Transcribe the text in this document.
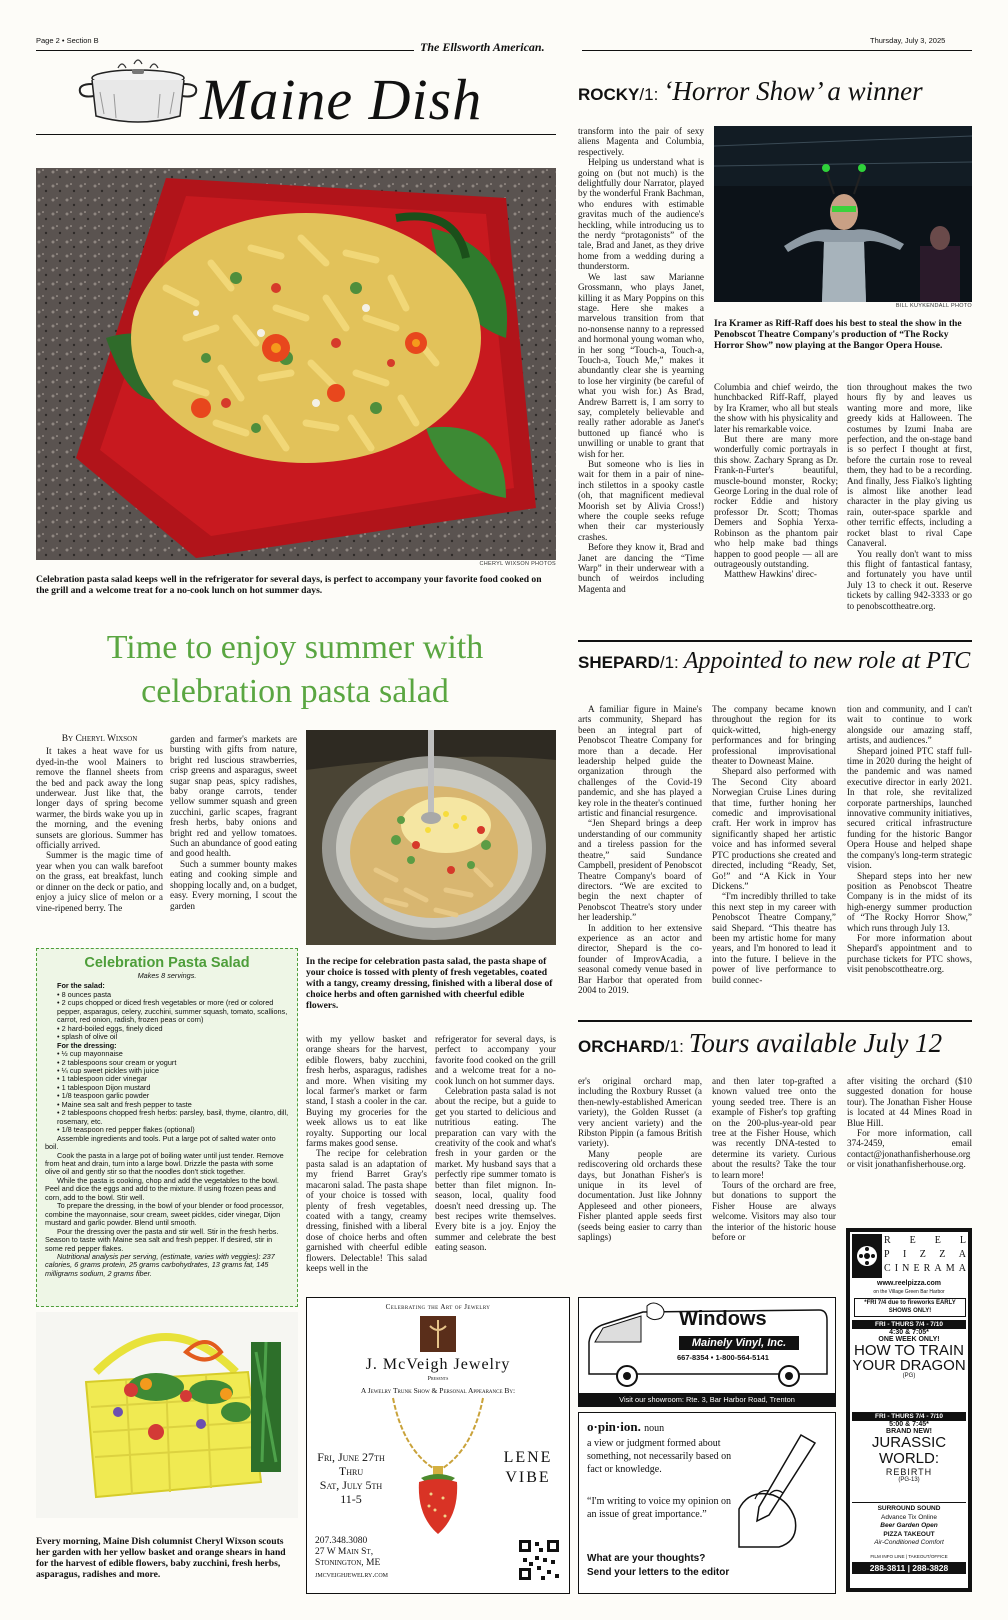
Page 2 • Section B	The Ellsworth American.	Thursday, July 3, 2025
Maine Dish
CHERYL WIXSON PHOTOS
Celebration pasta salad keeps well in the refrigerator for several days, is perfect to accompany your favorite food cooked on the grill and a welcome treat for a no-cook lunch on hot summer days.
Time to enjoy summer with celebration pasta salad

By Cheryl Wixson

It takes a heat wave for us dyed-in-the wool Mainers to remove the flannel sheets from the bed and pack away the long underwear. Just like that, the longer days of spring become warmer, the birds wake you up in the morning, and the evening sunsets are glorious. Summer has officially arrived.

Summer is the magic time of year when you can walk barefoot on the grass, eat breakfast, lunch or dinner on the deck or patio, and enjoy a juicy slice of melon or a vine-ripened berry. The

garden and farmer's markets are bursting with gifts from nature, bright red luscious strawberries, crisp greens and asparagus, sweet sugar snap peas, spicy radishes, baby orange carrots, tender yellow summer squash and green zucchini, garlic scapes, fragrant fresh herbs, baby onions and bright red and yellow tomatoes. Such an abundance of good eating and good health.

Such a summer bounty makes eating and cooking simple and shopping locally and, on a budget, easy. Every morning, I scout the garden

In the recipe for celebration pasta salad, the pasta shape of your choice is tossed with plenty of fresh vegetables, coated with a tangy, creamy dressing, finished with a liberal dose of choice herbs and often garnished with cheerful edible flowers.
Celebration Pasta Salad
Makes 8 servings.
For the salad:
• 8 ounces pasta
• 2 cups chopped or diced fresh vegetables or more (red or colored pepper, asparagus, celery, zucchini, summer squash, tomato, scallions, carrot, red onion, radish, frozen peas or corn)
• 2 hard-boiled eggs, finely diced
• splash of olive oil
For the dressing:
• ½ cup mayonnaise
• 2 tablespoons sour cream or yogurt
• ¼ cup sweet pickles with juice
• 1 tablespoon cider vinegar
• 1 tablespoon Dijon mustard
• 1/8 teaspoon garlic powder
• Maine sea salt and fresh pepper to taste
• 2 tablespoons chopped fresh herbs: parsley, basil, thyme, cilantro, dill, rosemary, etc.
• 1/8 teaspoon red pepper flakes (optional)
Assemble ingredients and tools. Put a large pot of salted water onto boil.
Cook the pasta in a large pot of boiling water until just tender. Remove from heat and drain, turn into a large bowl. Drizzle the pasta with some olive oil and gently stir so that the noodles don't stick together.
While the pasta is cooking, chop and add the vegetables to the bowl. Peel and dice the eggs and add to the mixture. If using frozen peas and corn, add to the bowl. Stir well.
To prepare the dressing, in the bowl of your blender or food processor, combine the mayonnaise, sour cream, sweet pickles, cider vinegar, Dijon mustard and garlic powder. Blend until smooth.
Pour the dressing over the pasta and stir well. Stir in the fresh herbs. Season to taste with Maine sea salt and fresh pepper. If desired, stir in some red pepper flakes.
Nutritional analysis per serving, (estimate, varies with veggies): 237 calories, 6 grams protein, 25 grams carbohydrates, 13 grams fat, 145 milligrams sodium, 2 grams fiber.

with my yellow basket and orange shears for the harvest, edible flowers, baby zucchini, fresh herbs, asparagus, radishes and more. When visiting my local farmer's market or farm stand, I stash a cooler in the car. Buying my groceries for the week allows us to eat like royalty. Supporting our local farms makes good sense.

The recipe for celebration pasta salad is an adaptation of my friend Barret Gray's macaroni salad. The pasta shape of your choice is tossed with plenty of fresh vegetables, coated with a tangy, creamy dressing, finished with a liberal dose of choice herbs and often garnished with cheerful edible flowers. Delectable! This salad keeps well in the

refrigerator for several days, is perfect to accompany your favorite food cooked on the grill and a welcome treat for a no-cook lunch on hot summer days.

Celebration pasta salad is not about the recipe, but a guide to get you started to delicious and nutritious eating. The preparation can vary with the creativity of the cook and what's fresh in your garden or the market. My husband says that a perfectly ripe summer tomato is better than filet mignon. In-season, local, quality food doesn't need dressing up. The best recipes write themselves. Every bite is a joy. Enjoy the summer and celebrate the best eating season.

Every morning, Maine Dish columnist Cheryl Wixson scouts her garden with her yellow basket and orange shears in hand for the harvest of edible flowers, baby zucchini, fresh herbs, asparagus, radishes and more.
Celebrating the Art of Jewelry
J. McVeigh Jewelry
Presents
A Jewelry Trunk Show & Personal Appearance By:
Fri, June 27th
Thru
Sat, July 5th
11-5
LENE
VIBE
207.348.3080
27 W Main St,
Stonington, ME
jmcveighjewelry.com
ROCKY/1: ‘Horror Show’ a winner

transform into the pair of sexy aliens Magenta and Columbia, respectively.

Helping us understand what is going on (but not much) is the delightfully dour Narrator, played by the wonderful Frank Bachman, who endures with estimable gravitas much of the audience's heckling, while introducing us to the nerdy “protagonists” of the tale, Brad and Janet, as they drive home from a wedding during a thunderstorm.

We last saw Marianne Grossmann, who plays Janet, killing it as Mary Poppins on this stage. Here she makes a marvelous transition from that no-nonsense nanny to a repressed and hormonal young woman who, in her song “Touch-a, Touch-a, Touch-a, Touch Me,” makes it abundantly clear she is yearning to lose her virginity (be careful of what you wish for.) As Brad, Andrew Barrett is, I am sorry to say, completely believable and really rather adorable as Janet's buttoned up fiancé who is unwilling or unable to grant that wish for her.

But someone who is lies in wait for them in a pair of nine-inch stilettos in a spooky castle (oh, that magnificent medieval Moorish set by Alivia Cross!) where the couple seeks refuge when their car mysteriously crashes.

Before they know it, Brad and Janet are dancing the “Time Warp” in their underwear with a bunch of weirdos including Magenta and

BILL KUYKENDALL PHOTO
Ira Kramer as Riff-Raff does his best to steal the show in the Penobscot Theatre Company's production of “The Rocky Horror Show” now playing at the Bangor Opera House.

Columbia and chief weirdo, the hunchbacked Riff-Raff, played by Ira Kramer, who all but steals the show with his physicality and later his remarkable voice.

But there are many more wonderfully comic portrayals in this show. Zachary Sprang as Dr. Frank-n-Furter's beautiful, muscle-bound monster, Rocky; George Loring in the dual role of rocker Eddie and history professor Dr. Scott; Thomas Demers and Sophia Yerxa-Robinson as the phantom pair who help make bad things happen to good people — all are outrageously outstanding.

Matthew Hawkins' direc-

tion throughout makes the two hours fly by and leaves us wanting more and more, like greedy kids at Halloween. The costumes by Izumi Inaba are perfection, and the on-stage band is so perfect I thought at first, before the curtain rose to reveal them, they had to be a recording. And finally, Jess Fialko's lighting is almost like another lead character in the play giving us rain, outer-space sparkle and other terrific effects, including a rocket blast to rival Cape Canaveral.

You really don't want to miss this flight of fantastical fantasy, and fortunately you have until July 13 to check it out. Reserve tickets by calling 942-3333 or go to penobscottheatre.org.

SHEPARD/1: Appointed to new role at PTC

A familiar figure in Maine's arts community, Shepard has been an integral part of Penobscot Theatre Company for more than a decade. Her leadership helped guide the organization through the challenges of the Covid-19 pandemic, and she has played a key role in the theater's continued artistic and financial resurgence.

“Jen Shepard brings a deep understanding of our community and a tireless passion for the theatre,” said Sundance Campbell, president of Penobscot Theatre Company's board of directors. “We are excited to begin the next chapter of Penobscot Theatre's story under her leadership.”

In addition to her extensive experience as an actor and director, Shepard is the co-founder of ImprovAcadia, a seasonal comedy venue based in Bar Harbor that operated from 2004 to 2019.

The company became known throughout the region for its quick-witted, high-energy performances and for bringing professional improvisational theater to Downeast Maine.

Shepard also performed with The Second City aboard Norwegian Cruise Lines during that time, further honing her comedic and improvisational craft. Her work in improv has significantly shaped her artistic voice and has informed several PTC productions she created and directed, including “Ready, Set, Go!” and “A Kick in Your Dickens.”

“I'm incredibly thrilled to take this next step in my career with Penobscot Theatre Company,” said Shepard. “This theatre has been my artistic home for many years, and I'm honored to lead it into the future. I believe in the power of live performance to build connec-

tion and community, and I can't wait to continue to work alongside our amazing staff, artists, and audiences.”

Shepard joined PTC staff full-time in 2020 during the height of the pandemic and was named executive director in early 2021. In that role, she revitalized corporate partnerships, launched innovative community initiatives, secured critical infrastructure funding for the historic Bangor Opera House and helped shape the company's long-term strategic vision.

Shepard steps into her new position as Penobscot Theatre Company is in the midst of its high-energy summer production of “The Rocky Horror Show,” which runs through July 13.

For more information about Shepard's appointment and to purchase tickets for PTC shows, visit penobscottheatre.org.

ORCHARD/1: Tours available July 12

er's original orchard map, including the Roxbury Russet (a then-newly-established American variety), the Golden Russet (a very ancient variety) and the Ribston Pippin (a famous British variety).

Many people are rediscovering old orchards these days, but Jonathan Fisher's is unique in its level of documentation. Just like Johnny Appleseed and other pioneers, Fisher planted apple seeds first (seeds being easier to carry than saplings)

and then later top-grafted a known valued tree onto the young seeded tree. There is an example of Fisher's top grafting on the 200-plus-year-old pear tree at the Fisher House, which was recently DNA-tested to determine its variety. Curious about the results? Take the tour to learn more!

Tours of the orchard are free, but donations to support the Fisher House are always welcome. Visitors may also tour the interior of the historic house before or

after visiting the orchard ($10 suggested donation for house tour). The Jonathan Fisher House is located at 44 Mines Road in Blue Hill.

For more information, call 374-2459, email contact@jonathanfisherhouse.org or visit jonathanfisherhouse.org.

Windows
Mainely Vinyl, Inc.
667-8354 • 1-800-564-5141
Visit our showroom: Rte. 3, Bar Harbor Road, Trenton
o·pin·ion. noun
a view or judgment formed about something, not necessarily based on fact or knowledge.
“I'm writing to voice my opinion on an issue of great importance.”
What are your thoughts?
Send your letters to the editor
R E E L
P I Z Z A
C I N E R A M A
www.reelpizza.com
on the Village Green Bar Harbor
*FRI 7/4 due to fireworks EARLY SHOWS ONLY!
FRI - THURS 7/4 - 7/10
4:30 & 7:05*
ONE WEEK ONLY!
HOW TO TRAIN YOUR DRAGON
(PG)
FRI - THURS 7/4 - 7/10
5:00 & 7:45*
BRAND NEW!
JURASSIC WORLD:
REBIRTH
(PG-13)
SURROUND SOUND
Advance Tix Online
Beer Garden Open
PIZZA TAKEOUT
Air-Conditioned Comfort
FILM INFO LINE | TAKEOUT/OFFICE
288-3811 | 288-3828
